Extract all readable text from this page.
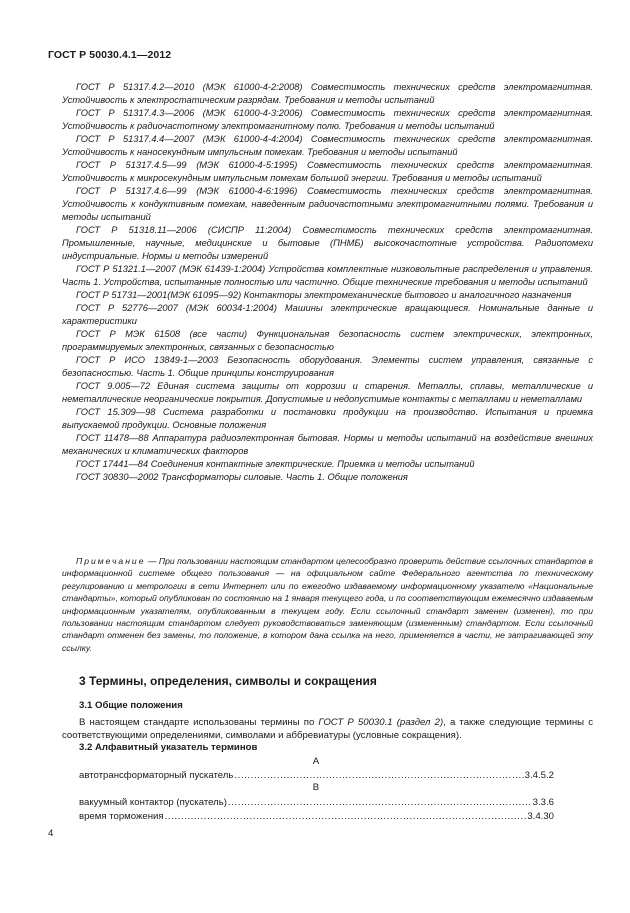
ГОСТ Р 50030.4.1—2012

ГОСТ Р 51317.4.2—2010 (МЭК 61000-4-2:2008) Совместимость технических средств электромагнитная. Устойчивость к электростатическим разрядам. Требования и методы испытаний

ГОСТ Р 51317.4.3—2006 (МЭК 61000-4-3:2006) Совместимость технических средств электромагнитная. Устойчивость к радиочастотному электромагнитному полю. Требования и методы испытаний

ГОСТ Р 51317.4.4—2007 (МЭК 61000-4-4:2004) Совместимость технических средств электромагнитная. Устойчивость к наносекундным импульсным помехам. Требования и методы испытаний

ГОСТ Р 51317.4.5—99 (МЭК 61000-4-5:1995) Совместимость технических средств электромагнитная. Устойчивость к микросекундным импульсным помехам большой энергии. Требования и методы испытаний

ГОСТ Р 51317.4.6—99 (МЭК 61000-4-6:1996) Совместимость технических средств электромагнитная. Устойчивость к кондуктивным помехам, наведенным радиочастотными электромагнитными полями. Требования и методы испытаний

ГОСТ Р 51318.11—2006 (СИСПР 11:2004) Совместимость технических средств электромагнитная. Промышленные, научные, медицинские и бытовые (ПНМБ) высокочастотные устройства. Радиопомехи индустриальные. Нормы и методы измерений

ГОСТ Р 51321.1—2007 (МЭК 61439-1:2004) Устройства комплектные низковольтные распределения и управления. Часть 1. Устройства, испытанные полностью или частично. Общие технические требования и методы испытаний

ГОСТ Р 51731—2001(МЭК 61095—92) Контакторы электромеханические бытового и аналогичного назначения

ГОСТ Р 52776—2007 (МЭК 60034-1:2004) Машины электрические вращающиеся. Номинальные данные и характеристики

ГОСТ Р МЭК 61508 (все части) Функциональная безопасность систем электрических, электронных, программируемых электронных, связанных с безопасностью

ГОСТ Р ИСО 13849-1—2003 Безопасность оборудования. Элементы систем управления, связанные с безопасностью. Часть 1. Общие принципы конструирования

ГОСТ 9.005—72 Единая система защиты от коррозии и старения. Металлы, сплавы, металлические и неметаллические неорганические покрытия. Допустимые и недопустимые контакты с металлами и неметаллами

ГОСТ 15.309—98 Система разработки и постановки продукции на производство. Испытания и приемка выпускаемой продукции. Основные положения

ГОСТ 11478—88 Аппаратура радиоэлектронная бытовая. Нормы и методы испытаний на воздействие внешних механических и климатических факторов

ГОСТ 17441—84 Соединения контактные электрические. Приемка и методы испытаний

ГОСТ 30830—2002 Трансформаторы силовые. Часть 1. Общие положения

Примечание — При пользовании настоящим стандартом целесообразно проверить действие ссылочных стандартов в информационной системе общего пользования — на официальном сайте Федерального агентства по техническому регулированию и метрологии в сети Интернет или по ежегодно издаваемому информационному указателю «Национальные стандарты», который опубликован по состоянию на 1 января текущего года, и по соответствующим ежемесячно издаваемым информационным указателям, опубликованным в текущем году. Если ссылочный стандарт заменен (изменен), то при пользовании настоящим стандартом следует руководствоваться заменяющим (измененным) стандартом. Если ссылочный стандарт отменен без замены, то положение, в котором дана ссылка на него, применяется в части, не затрагивающей эту ссылку.

3 Термины, определения, символы и сокращения
3.1 Общие положения

В настоящем стандарте использованы термины по ГОСТ Р 50030.1 (раздел 2), а также следующие термины с соответствующими определениями, символами и аббревиатуры (условные сокращения).

3.2 Алфавитный указатель терминов
А
автотрансформаторный пускатель .....	3.4.5.2
В
вакуумный контактор (пускатель) .....	3.3.6
время торможения .....	3.4.30
4
